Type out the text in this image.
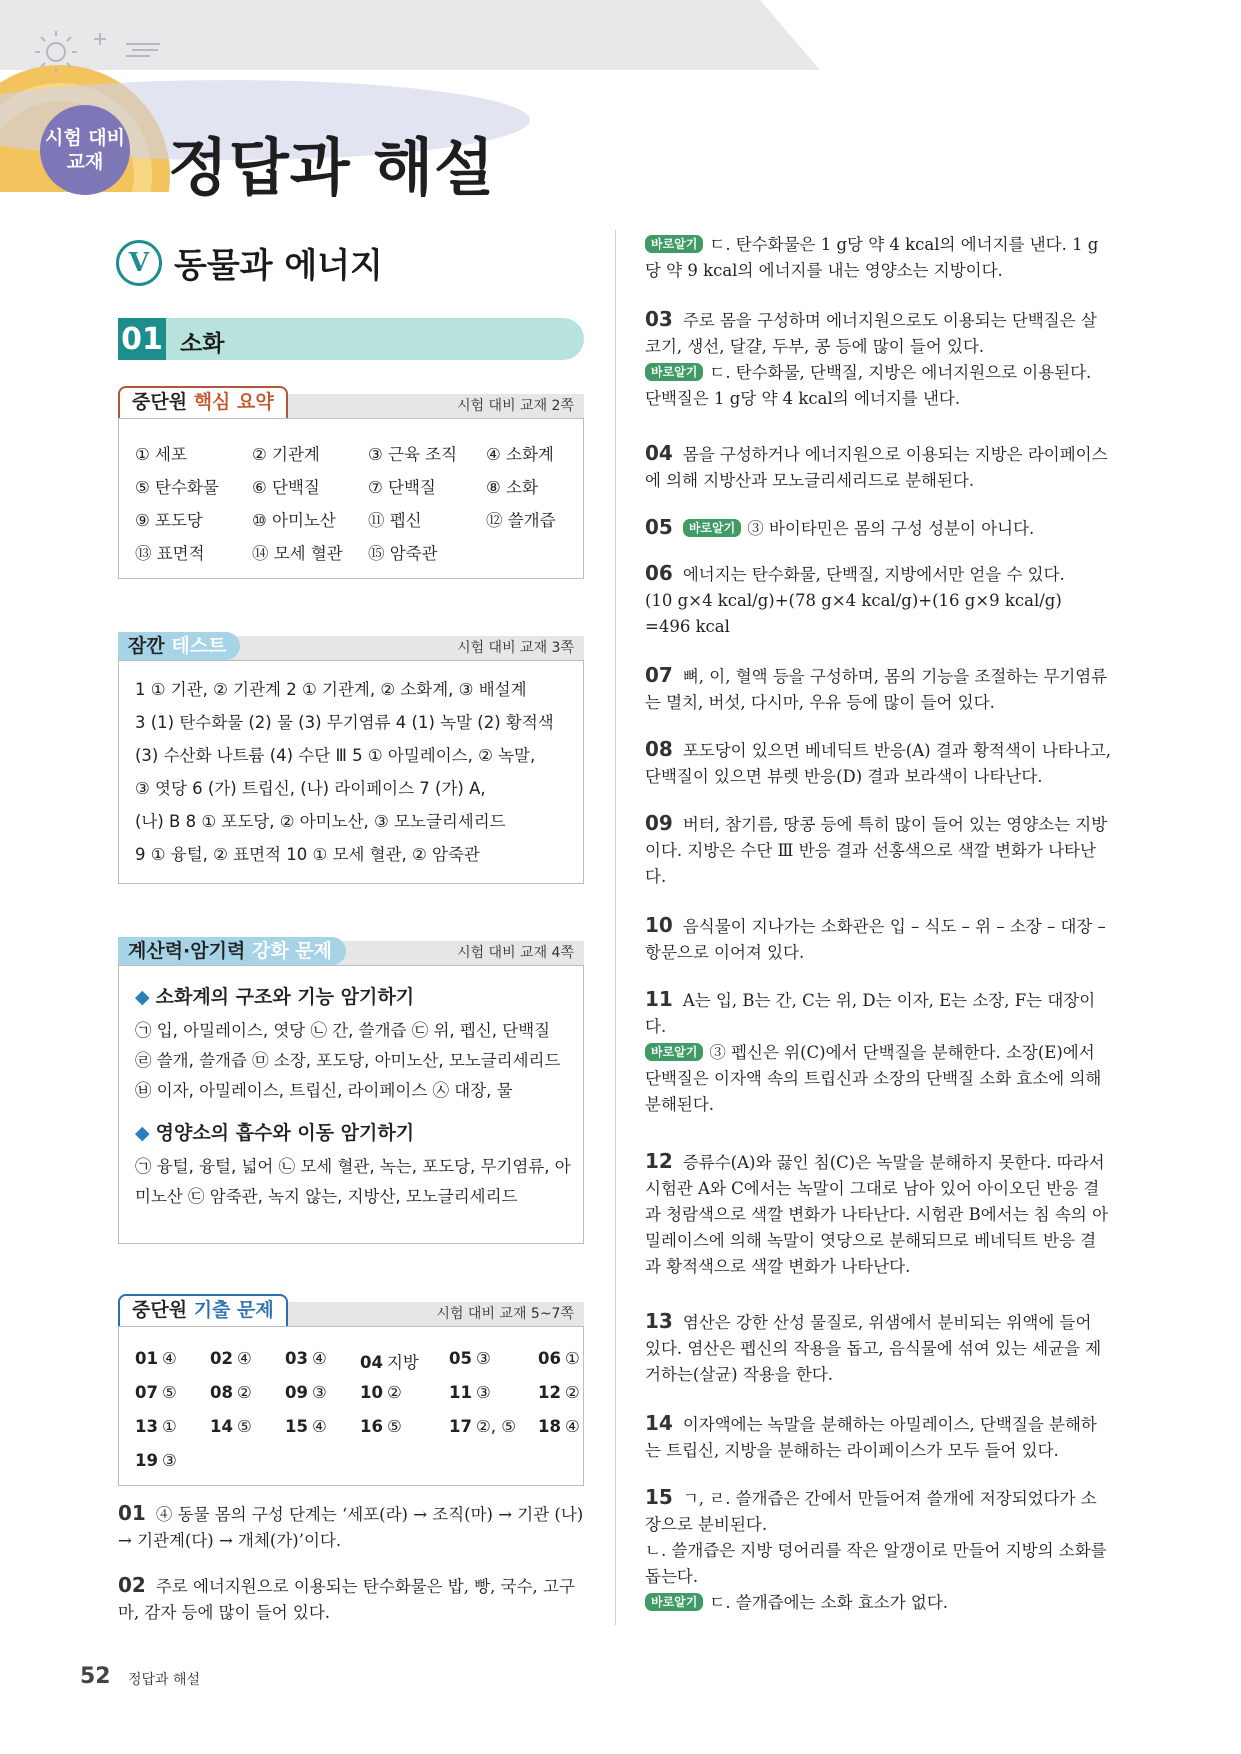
시험 대비
교재 정답과 해설
V 동물과 에너지
01 소화
중단원 핵심 요약	시험 대비 교재 2쪽
① 세포	② 기관계	③ 근육 조직 ④ 소화계
⑤ 탄수화물 ⑥ 단백질	⑦ 단백질	⑧ 소화
⑨ 포도당	⑩ 아미노산 ⑪ 펩신	⑫ 쓸개즙
⑬ 표면적	⑭ 모세 혈관 ⑮ 암죽관
잠깐 테스트	시험 대비 교재 3쪽
1 ① 기관, ② 기관계 2 ① 기관계, ② 소화계, ③ 배설계
3 (1) 탄수화물 (2) 물 (3) 무기염류 4 (1) 녹말 (2) 황적색
(3) 수산화 나트륨 (4) 수단 Ⅲ 5 ① 아밀레이스, ② 녹말,
③ 엿당 6 (가) 트립신, (나) 라이페이스 7 (가) A,
(나) B 8 ① 포도당, ② 아미노산, ③ 모노글리세리드
9 ① 융털, ② 표면적 10 ① 모세 혈관, ② 암죽관
계산력·암기력 강화 문제	시험 대비 교재 4쪽
◆ 소화계의 구조와 기능 암기하기
㉠ 입, 아밀레이스, 엿당 ㉡ 간, 쓸개즙 ㉢ 위, 펩신, 단백질
㉣ 쓸개, 쓸개즙 ㉤ 소장, 포도당, 아미노산, 모노글리세리드
㉥ 이자, 아밀레이스, 트립신, 라이페이스 ㉦ 대장, 물
◆ 영양소의 흡수와 이동 암기하기
㉠ 융털, 융털, 넓어 ㉡ 모세 혈관, 녹는, 포도당, 무기염류, 아
미노산 ㉢ 암죽관, 녹지 않는, 지방산, 모노글리세리드
중단원 기출 문제	시험 대비 교재 5~7쪽
01 ④ 02 ④ 03 ④ 04 지방 05 ③	06 ①
07 ⑤ 08 ② 09 ③ 10 ②	11 ③	12 ②
13 ① 14 ⑤ 15 ④ 16 ⑤	17 ②, ⑤ 18 ④
19 ③
01 ④ 동물 몸의 구성 단계는 ‘세포(라) → 조직(마) → 기관 (나) → 기관계(다) → 개체(가)’이다.
02 주로 에너지원으로 이용되는 탄수화물은 밥, 빵, 국수, 고구마, 감자 등에 많이 들어 있다.
바로알기 ㄷ. 탄수화물은 1 g당 약 4 kcal의 에너지를 낸다. 1 g당 약 9 kcal의 에너지를 내는 영양소는 지방이다.
03 주로 몸을 구성하며 에너지원으로도 이용되는 단백질은 살코기, 생선, 달걀, 두부, 콩 등에 많이 들어 있다.
바로알기 ㄷ. 탄수화물, 단백질, 지방은 에너지원으로 이용된다. 단백질은 1 g당 약 4 kcal의 에너지를 낸다.
04 몸을 구성하거나 에너지원으로 이용되는 지방은 라이페이스에 의해 지방산과 모노글리세리드로 분해된다.
05 바로알기 ③ 바이타민은 몸의 구성 성분이 아니다.
06 에너지는 탄수화물, 단백질, 지방에서만 얻을 수 있다.
(10 g×4 kcal/g)+(78 g×4 kcal/g)+(16 g×9 kcal/g)
=496 kcal
07 뼈, 이, 혈액 등을 구성하며, 몸의 기능을 조절하는 무기염류는 멸치, 버섯, 다시마, 우유 등에 많이 들어 있다.
08 포도당이 있으면 베네딕트 반응(A) 결과 황적색이 나타나고, 단백질이 있으면 뷰렛 반응(D) 결과 보라색이 나타난다.
09 버터, 참기름, 땅콩 등에 특히 많이 들어 있는 영양소는 지방이다. 지방은 수단 Ⅲ 반응 결과 선홍색으로 색깔 변화가 나타난다.
10 음식물이 지나가는 소화관은 입 – 식도 – 위 – 소장 – 대장 – 항문으로 이어져 있다.
11 A는 입, B는 간, C는 위, D는 이자, E는 소장, F는 대장이다.
바로알기 ③ 펩신은 위(C)에서 단백질을 분해한다. 소장(E)에서 단백질은 이자액 속의 트립신과 소장의 단백질 소화 효소에 의해 분해된다.
12 증류수(A)와 끓인 침(C)은 녹말을 분해하지 못한다. 따라서 시험관 A와 C에서는 녹말이 그대로 남아 있어 아이오딘 반응 결과 청람색으로 색깔 변화가 나타난다. 시험관 B에서는 침 속의 아밀레이스에 의해 녹말이 엿당으로 분해되므로 베네딕트 반응 결과 황적색으로 색깔 변화가 나타난다.
13 염산은 강한 산성 물질로, 위샘에서 분비되는 위액에 들어 있다. 염산은 펩신의 작용을 돕고, 음식물에 섞여 있는 세균을 제거하는(살균) 작용을 한다.
14 이자액에는 녹말을 분해하는 아밀레이스, 단백질을 분해하는 트립신, 지방을 분해하는 라이페이스가 모두 들어 있다.
15 ㄱ, ㄹ. 쓸개즙은 간에서 만들어져 쓸개에 저장되었다가 소장으로 분비된다.
ㄴ. 쓸개즙은 지방 덩어리를 작은 알갱이로 만들어 지방의 소화를 돕는다.
바로알기 ㄷ. 쓸개즙에는 소화 효소가 없다.
52 정답과 해설
